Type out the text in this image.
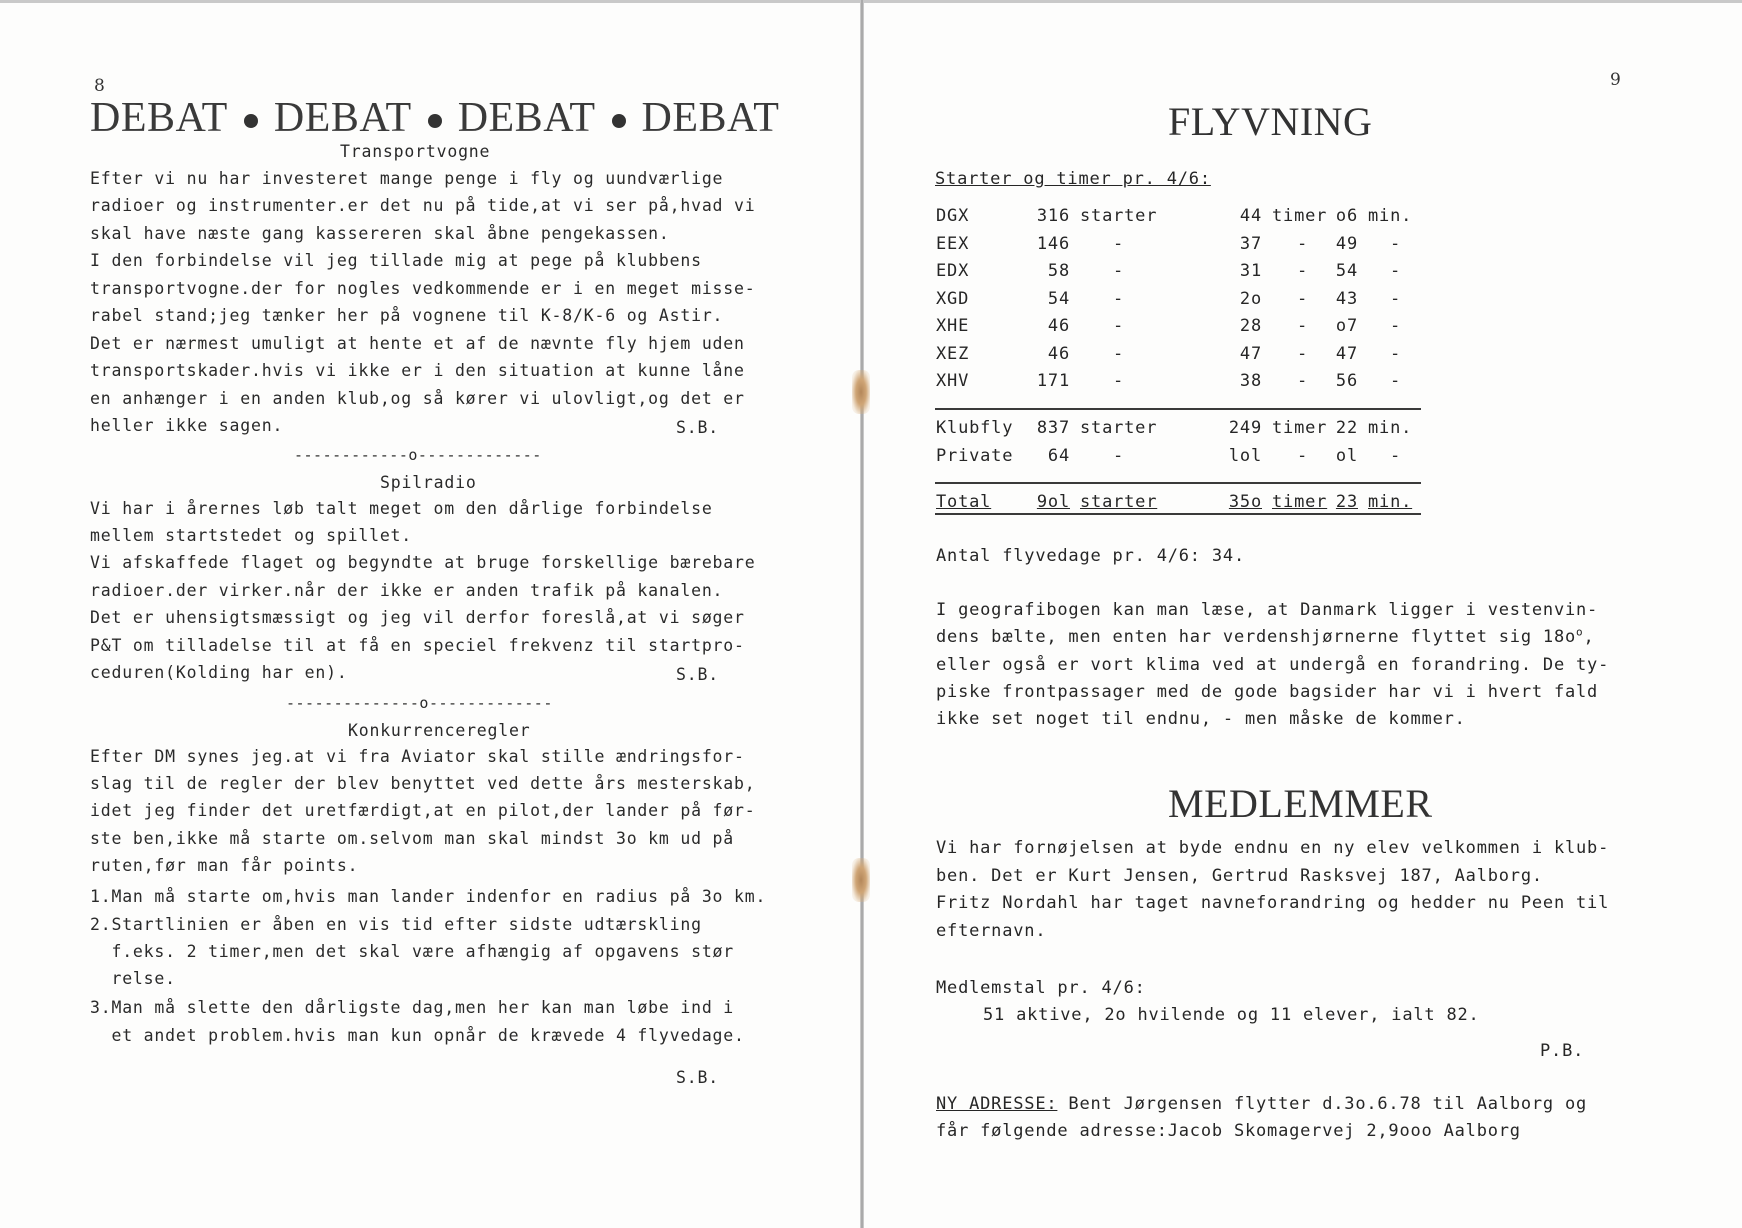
8
DEBAT DEBAT DEBAT DEBAT
Transportvogne
Efter vi nu har investeret mange penge i fly og uundværlige
radioer og instrumenter.er det nu på tide,at vi ser på,hvad vi
skal have næste gang kassereren skal åbne pengekassen.
I den forbindelse vil jeg tillade mig at pege på klubbens
transportvogne.der for nogles vedkommende er i en meget misse-
rabel stand;jeg tænker her på vognene til K-8/K-6 og Astir.
Det er nærmest umuligt at hente et af de nævnte fly hjem uden
transportskader.hvis vi ikke er i den situation at kunne låne
en anhænger i en anden klub,og så kører vi ulovligt,og det er
heller ikke sagen.	S.B.
------------o-------------
Spilradio
Vi har i årernes løb talt meget om den dårlige forbindelse
mellem startstedet og spillet.
Vi afskaffede flaget og begyndte at bruge forskellige bærebare
radioer.der virker.når der ikke er anden trafik på kanalen.
Det er uhensigtsmæssigt og jeg vil derfor foreslå,at vi søger
P&T om tilladelse til at få en speciel frekvenz til startpro-
ceduren(Kolding har en).	S.B.
--------------o-------------
Konkurrenceregler
Efter DM synes jeg.at vi fra Aviator skal stille ændringsfor-
slag til de regler der blev benyttet ved dette års mesterskab,
idet jeg finder det uretfærdigt,at en pilot,der lander på før-
ste ben,ikke må starte om.selvom man skal mindst 3o km ud på
ruten,før man får points.
1.Man må starte om,hvis man lander indenfor en radius på 3o km.
2.Startlinien er åben en vis tid efter sidste udtærskling
f.eks. 2 timer,men det skal være afhængig af opgavens stør
relse.
3.Man må slette den dårligste dag,men her kan man løbe ind i
et andet problem.hvis man kun opnår de krævede 4 flyvedage.
S.B.
9
FLYVNING
Starter og timer pr. 4/6:
DGX	316 starter	44 timer o6 min.
EEX	146	-	37 -	49 -
EDX	58	-	31 -	54 -
XGD	54	-	2o -	43 -
XHE	46	-	28 -	o7 -
XEZ	46	-	47 -	47 -
XHV	171	-	38 -	56 -
Klubfly	837 starter	249 timer 22 min.
Private	64	-	lol -	ol -
Total	9ol starter	35o timer 23 min.
Antal flyvedage pr. 4/6: 34.
I geografibogen kan man læse, at Danmark ligger i vestenvin-
dens bælte, men enten har verdenshjørnerne flyttet sig $18o^o$,
eller også er vort klima ved at undergå en forandring. De ty-
piske frontpassager med de gode bagsider har vi i hvert fald
ikke set noget til endnu, - men måske de kommer.
MEDLEMMER
Vi har fornøjelsen at byde endnu en ny elev velkommen i klub-
ben. Det er Kurt Jensen, Gertrud Rasksvej 187, Aalborg.
Fritz Nordahl har taget navneforandring og hedder nu Peen til
efternavn.
Medlemstal pr. 4/6:
51 aktive, 2o hvilende og 11 elever, ialt 82.
P.B.
NY ADRESSE: Bent Jørgensen flytter d.3o.6.78 til Aalborg og
får følgende adresse:Jacob Skomagervej 2,9ooo Aalborg
